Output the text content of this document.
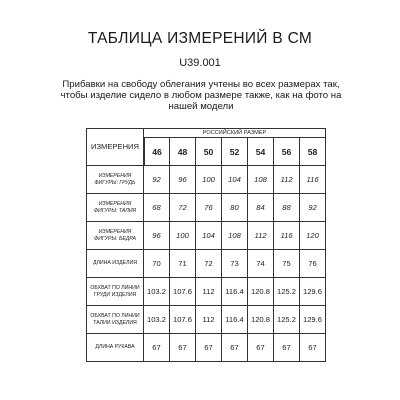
ТАБЛИЦА ИЗМЕРЕНИЙ В СМ
U39.001
Прибавки на свободу облегания учтены во всех размерах так, чтобы изделие сидело в любом размере также, как на фото на нашей модели
ИЗМЕРЕНИЯ	РОССИЙСКИЙ РАЗМЕР						
	46	48	50	52	54	56	58
ИЗМЕРЕНИЯ ФИГУРЫ: ГРУДЬ	92	96	100	104	108	112	116
ИЗМЕРЕНИЯ ФИГУРЫ: ТАЛИЯ	68	72	76	80	84	88	92
ИЗМЕРЕНИЯ ФИГУРЫ: БЕДРА	96	100	104	108	112	116	120
ДЛИНА ИЗДЕЛИЯ	70	71	72	73	74	75	76
ОБХВАТ ПО ЛИНИИ ГРУДИ ИЗДЕЛИЯ	103.2	107.6	112	116.4	120.8	125.2	129.6
ОБХВАТ ПО ЛИНИИ ТАЛИИ ИЗДЕЛИЯ	103.2	107.6	112	116.4	120.8	125.2	129.6
ДЛИНА РУКАВА	67	67	67	67	67	67	67
